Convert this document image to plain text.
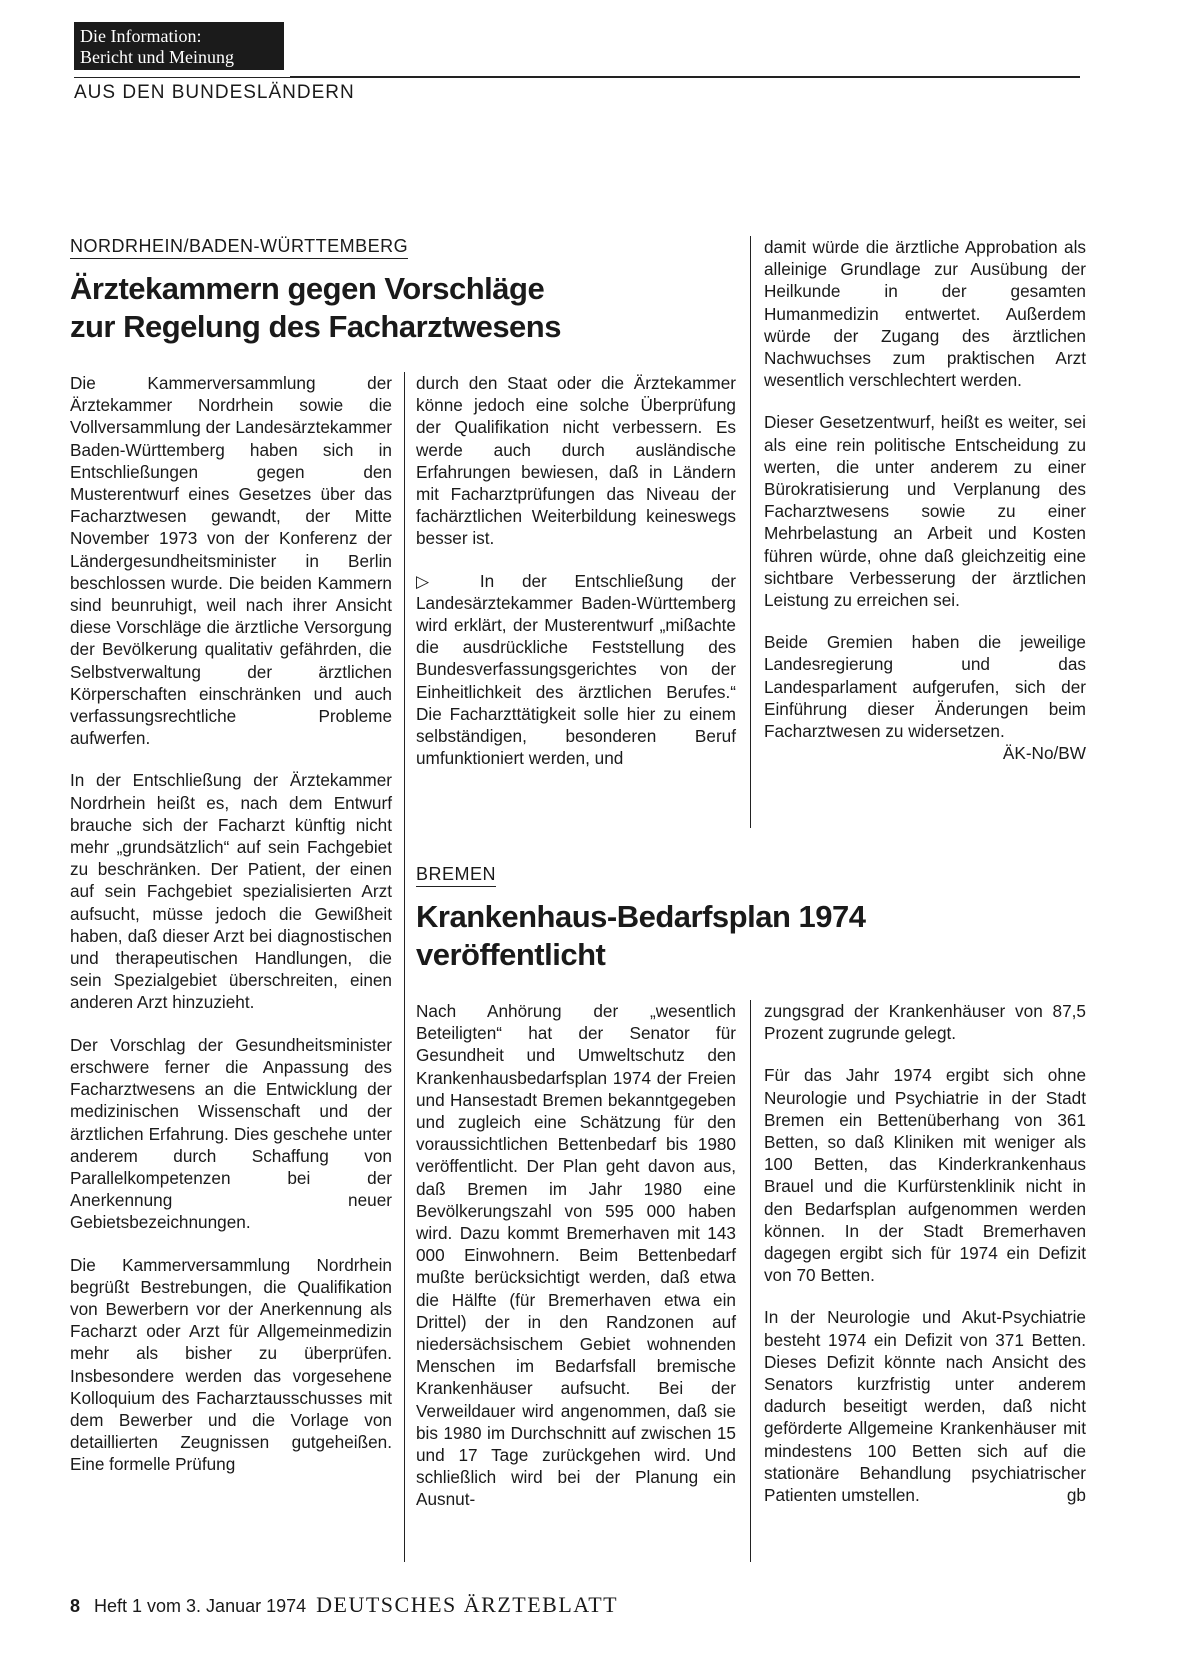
Die Information:
Bericht und Meinung
AUS DEN BUNDESLÄNDERN
NORDRHEIN/BADEN-WÜRTTEMBERG
Ärztekammern gegen Vorschläge
zur Regelung des Facharztwesens

Die Kammerversammlung der Ärztekammer Nordrhein sowie die Vollversammlung der Landesärztekammer Baden-Württemberg haben sich in Entschließungen gegen den Musterentwurf eines Gesetzes über das Facharztwesen gewandt, der Mitte November 1973 von der Konferenz der Ländergesundheitsminister in Berlin beschlossen wurde. Die beiden Kammern sind beunruhigt, weil nach ihrer Ansicht diese Vorschläge die ärztliche Versorgung der Bevölkerung qualitativ gefährden, die Selbstverwaltung der ärztlichen Körperschaften einschränken und auch verfassungsrechtliche Probleme aufwerfen.

In der Entschließung der Ärztekammer Nordrhein heißt es, nach dem Entwurf brauche sich der Facharzt künftig nicht mehr „grundsätzlich“ auf sein Fachgebiet zu beschränken. Der Patient, der einen auf sein Fachgebiet spezialisierten Arzt aufsucht, müsse jedoch die Gewißheit haben, daß dieser Arzt bei diagnostischen und therapeutischen Handlungen, die sein Spezialgebiet überschreiten, einen anderen Arzt hinzuzieht.

Der Vorschlag der Gesundheitsminister erschwere ferner die Anpassung des Facharztwesens an die Entwicklung der medizinischen Wissenschaft und der ärztlichen Erfahrung. Dies geschehe unter anderem durch Schaffung von Parallelkompetenzen bei der Anerkennung neuer Gebietsbezeichnungen.

Die Kammerversammlung Nordrhein begrüßt Bestrebungen, die Qualifikation von Bewerbern vor der Anerkennung als Facharzt oder Arzt für Allgemeinmedizin mehr als bisher zu überprüfen. Insbesondere werden das vorgesehene Kolloquium des Facharztausschusses mit dem Bewerber und die Vorlage von detaillierten Zeugnissen gutgeheißen. Eine formelle Prüfung

durch den Staat oder die Ärztekammer könne jedoch eine solche Überprüfung der Qualifikation nicht verbessern. Es werde auch durch ausländische Erfahrungen bewiesen, daß in Ländern mit Facharztprüfungen das Niveau der fachärztlichen Weiterbildung keineswegs besser ist.

▷ In der Entschließung der Landesärztekammer Baden-Württemberg wird erklärt, der Musterentwurf „mißachte die ausdrückliche Feststellung des Bundesverfassungsgerichtes von der Einheitlichkeit des ärztlichen Berufes.“ Die Facharzttätigkeit solle hier zu einem selbständigen, besonderen Beruf umfunktioniert werden, und

damit würde die ärztliche Approbation als alleinige Grundlage zur Ausübung der Heilkunde in der gesamten Humanmedizin entwertet. Außerdem würde der Zugang des ärztlichen Nachwuchses zum praktischen Arzt wesentlich verschlechtert werden.

Dieser Gesetzentwurf, heißt es weiter, sei als eine rein politische Entscheidung zu werten, die unter anderem zu einer Bürokratisierung und Verplanung des Facharztwesens sowie zu einer Mehrbelastung an Arbeit und Kosten führen würde, ohne daß gleichzeitig eine sichtbare Verbesserung der ärztlichen Leistung zu erreichen sei.

Beide Gremien haben die jeweilige Landesregierung und das Landesparlament aufgerufen, sich der Einführung dieser Änderungen beim Facharztwesen zu widersetzen.
ÄK-No/BW

BREMEN
Krankenhaus-Bedarfsplan 1974
veröffentlicht

Nach Anhörung der „wesentlich Beteiligten“ hat der Senator für Gesundheit und Umweltschutz den Krankenhausbedarfsplan 1974 der Freien und Hansestadt Bremen bekanntgegeben und zugleich eine Schätzung für den voraussichtlichen Bettenbedarf bis 1980 veröffentlicht. Der Plan geht davon aus, daß Bremen im Jahr 1980 eine Bevölkerungszahl von 595 000 haben wird. Dazu kommt Bremerhaven mit 143 000 Einwohnern. Beim Bettenbedarf mußte berücksichtigt werden, daß etwa die Hälfte (für Bremerhaven etwa ein Drittel) der in den Randzonen auf niedersächsischem Gebiet wohnenden Menschen im Bedarfsfall bremische Krankenhäuser aufsucht. Bei der Verweildauer wird angenommen, daß sie bis 1980 im Durchschnitt auf zwischen 15 und 17 Tage zurückgehen wird. Und schließlich wird bei der Planung ein Ausnut-

zungsgrad der Krankenhäuser von 87,5 Prozent zugrunde gelegt.

Für das Jahr 1974 ergibt sich ohne Neurologie und Psychiatrie in der Stadt Bremen ein Bettenüberhang von 361 Betten, so daß Kliniken mit weniger als 100 Betten, das Kinderkrankenhaus Brauel und die Kurfürstenklinik nicht in den Bedarfsplan aufgenommen werden können. In der Stadt Bremerhaven dagegen ergibt sich für 1974 ein Defizit von 70 Betten.

In der Neurologie und Akut-Psychiatrie besteht 1974 ein Defizit von 371 Betten. Dieses Defizit könnte nach Ansicht des Senators kurzfristig unter anderem dadurch beseitigt werden, daß nicht geförderte Allgemeine Krankenhäuser mit mindestens 100 Betten sich auf die stationäre Behandlung psychiatrischer Patienten umstellen.	gb

8 Heft 1 vom 3. Januar 1974 DEUTSCHES ÄRZTEBLATT
